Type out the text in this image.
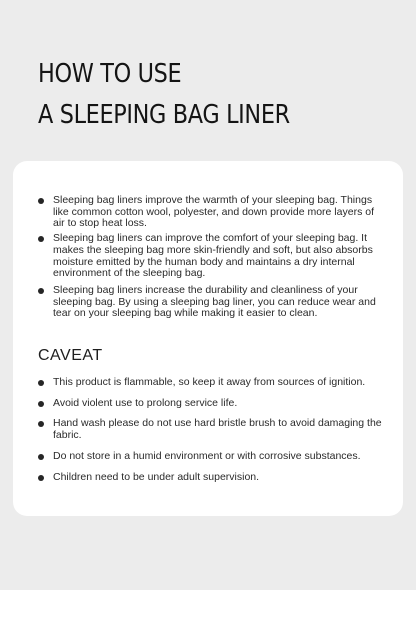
HOW TO USE
A SLEEPING BAG LINER
Sleeping bag liners improve the warmth of your sleeping bag. Things like common cotton wool, polyester, and down provide more layers of air to stop heat loss.
Sleeping bag liners can improve the comfort of your sleeping bag. It makes the sleeping bag more skin-friendly and soft, but also absorbs moisture emitted by the human body and maintains a dry internal environment of the sleeping bag.
Sleeping bag liners increase the durability and cleanliness of your sleeping bag. By using a sleeping bag liner, you can reduce wear and tear on your sleeping bag while making it easier to clean.
CAVEAT
This product is flammable, so keep it away from sources of ignition.
Avoid violent use to prolong service life.
Hand wash please do not use hard bristle brush to avoid damaging the fabric.
Do not store in a humid environment or with corrosive substances.
Children need to be under adult supervision.
